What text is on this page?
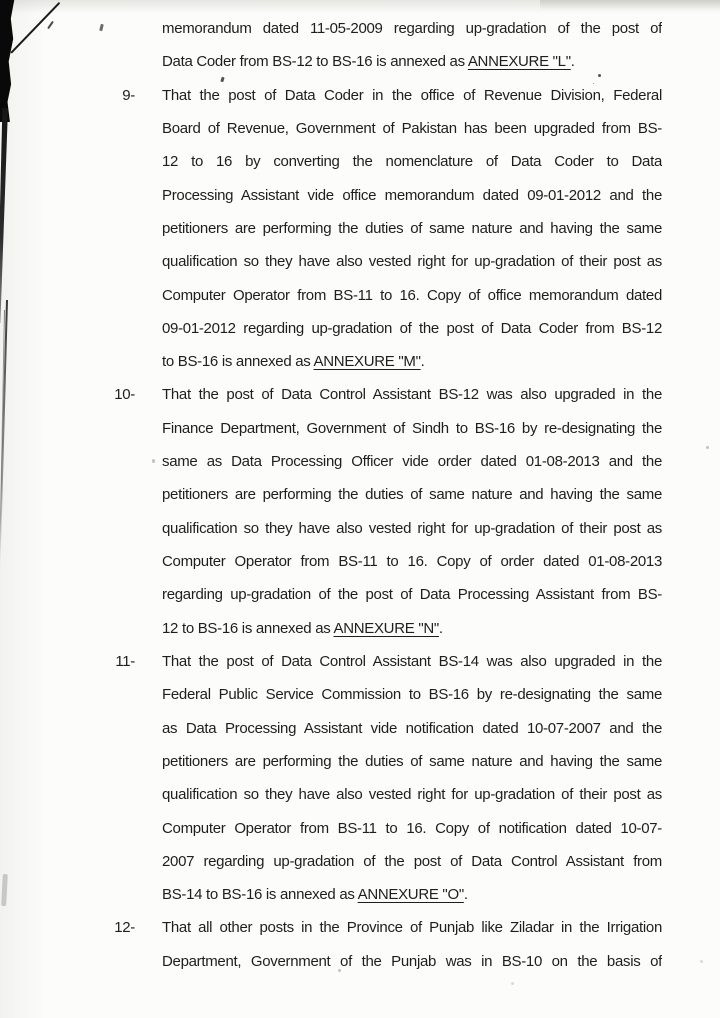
memorandum dated 11-05-2009 regarding up-gradation of the post of
Data Coder from BS-12 to BS-16 is annexed as ANNEXURE "L".
9- That the post of Data Coder in the office of Revenue Division, Federal
Board of Revenue, Government of Pakistan has been upgraded from BS-
12 to 16 by converting the nomenclature of Data Coder to Data
Processing Assistant vide office memorandum dated 09-01-2012 and the
petitioners are performing the duties of same nature and having the same
qualification so they have also vested right for up-gradation of their post as
Computer Operator from BS-11 to 16. Copy of office memorandum dated
09-01-2012 regarding up-gradation of the post of Data Coder from BS-12
to BS-16 is annexed as ANNEXURE "M".
10- That the post of Data Control Assistant BS-12 was also upgraded in the
Finance Department, Government of Sindh to BS-16 by re-designating the
same as Data Processing Officer vide order dated 01-08-2013 and the
petitioners are performing the duties of same nature and having the same
qualification so they have also vested right for up-gradation of their post as
Computer Operator from BS-11 to 16. Copy of order dated 01-08-2013
regarding up-gradation of the post of Data Processing Assistant from BS-
12 to BS-16 is annexed as ANNEXURE "N".
11- That the post of Data Control Assistant BS-14 was also upgraded in the
Federal Public Service Commission to BS-16 by re-designating the same
as Data Processing Assistant vide notification dated 10-07-2007 and the
petitioners are performing the duties of same nature and having the same
qualification so they have also vested right for up-gradation of their post as
Computer Operator from BS-11 to 16. Copy of notification dated 10-07-
2007 regarding up-gradation of the post of Data Control Assistant from
BS-14 to BS-16 is annexed as ANNEXURE "O".
12- That all other posts in the Province of Punjab like Ziladar in the Irrigation
Department, Government of the Punjab was in BS-10 on the basis of
